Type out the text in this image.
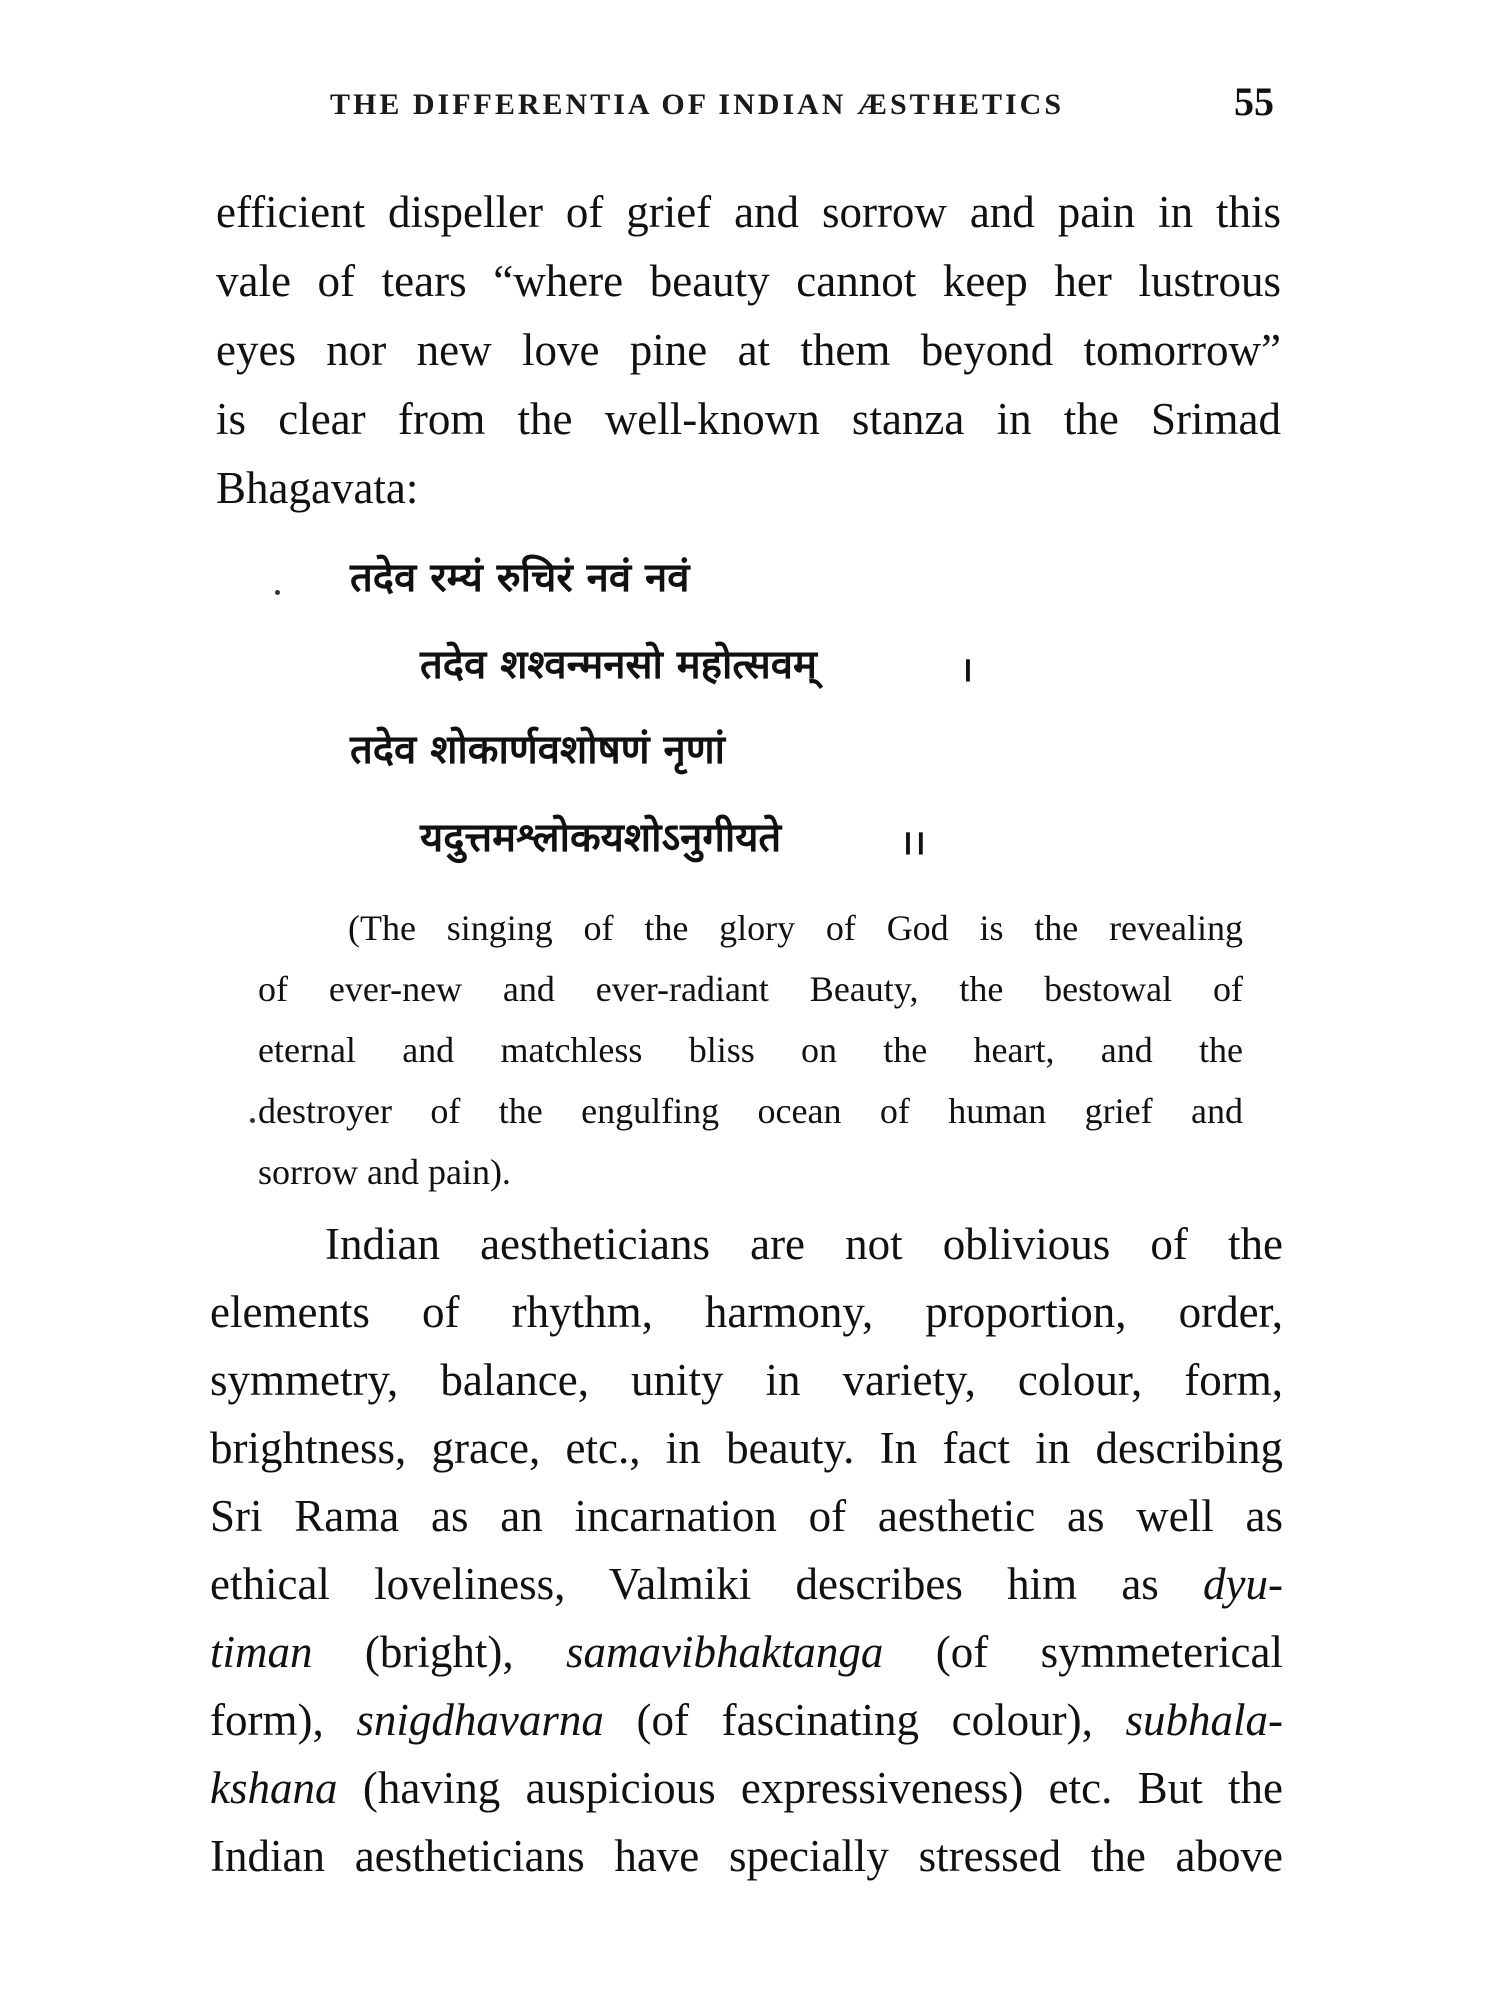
THE DIFFERENTIA OF INDIAN ÆSTHETICS	55
efficient dispeller of grief and sorrow and pain in this
vale of tears “where beauty cannot keep her lustrous
eyes nor new love pine at them beyond tomorrow”
is clear from the well-known stanza in the Srimad
Bhagavata:
तदेव रम्यं रुचिरं नवं नवं
तदेव शश्वन्मनसो महोत्सवम्	।
तदेव शोकार्णवशोषणं नृणां
यदुत्तमश्लोकयशोऽनुगीयते	।।
(The singing of the glory of God is the revealing
of ever-new and ever-radiant Beauty, the bestowal of
eternal and matchless bliss on the heart, and the
destroyer of the engulfing ocean of human grief and
sorrow and pain).
Indian aestheticians are not oblivious of the
elements of rhythm, harmony, proportion, order,
symmetry, balance, unity in variety, colour, form,
brightness, grace, etc., in beauty. In fact in describing
Sri Rama as an incarnation of aesthetic as well as
ethical loveliness, Valmiki describes him as dyu-
timan (bright), samavibhaktanga (of symmeterical
form), snigdhavarna (of fascinating colour), subhala-
kshana (having auspicious expressiveness) etc. But the
Indian aestheticians have specially stressed the above
